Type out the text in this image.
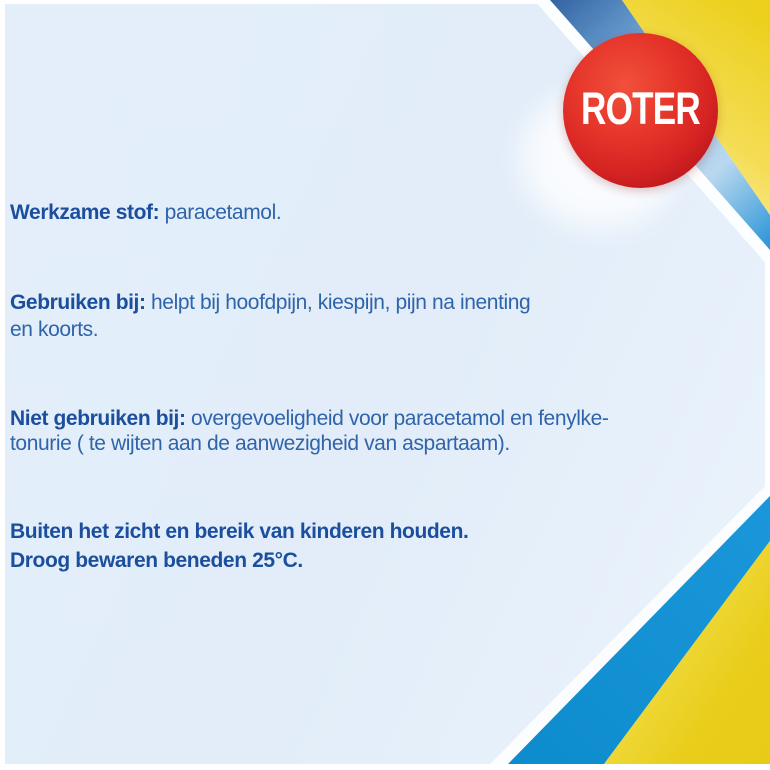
ROTER
Werkzame stof: paracetamol.
Gebruiken bij: helpt bij hoofdpijn, kiespijn, pijn na inenting
en koorts.
Niet gebruiken bij: overgevoeligheid voor paracetamol en fenylke-
tonurie ( te wijten aan de aanwezigheid van aspartaam).
Buiten het zicht en bereik van kinderen houden.
Droog bewaren beneden 25°C.
